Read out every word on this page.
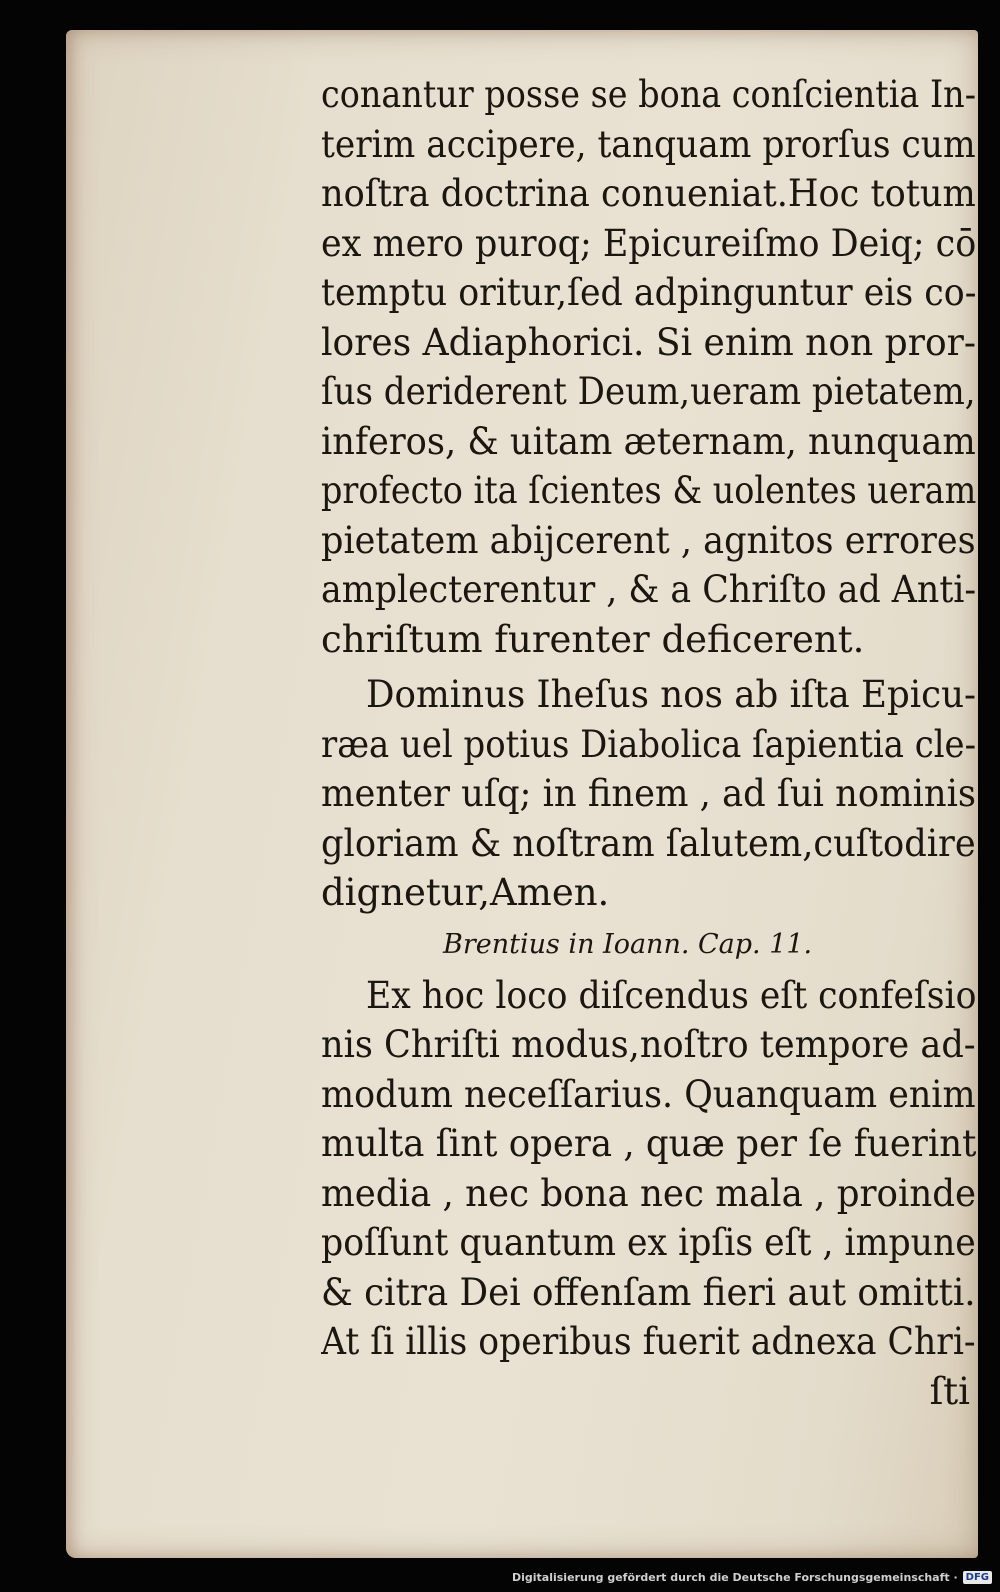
conantur posse se bona conſcientia In-
terim accipere, tanquam prorſus cum
noſtra doctrina conueniat.Hoc totum
ex mero puroq; Epicureiſmo Deiq; cō
temptu oritur,ſed adpinguntur eis co-
lores Adiaphorici. Si enim non pror-
ſus deriderent Deum,ueram pietatem,
inferos, & uitam æternam, nunquam
profecto ita ſcientes & uolentes ueram
pietatem abijcerent , agnitos errores
amplecterentur , & a Chriſto ad Anti-
chriſtum furenter deficerent.
Dominus Iheſus nos ab iſta Epicu-
ræa uel potius Diabolica ſapientia cle-
menter uſq; in finem , ad ſui nominis
gloriam & noſtram ſalutem,cuſtodire
dignetur,Amen.
Brentius in Ioann. Cap. 11.
Ex hoc loco diſcendus eſt confeſsio
nis Chriſti modus,noſtro tempore ad-
modum neceſſarius. Quanquam enim
multa ſint opera , quæ per ſe fuerint
media , nec bona nec mala , proinde
poſſunt quantum ex ipſis eſt , impune
& citra Dei offenſam fieri aut omitti.
At ſi illis operibus fuerit adnexa Chri-
ſti
Digitalisierung gefördert durch die Deutsche Forschungsgemeinschaft · DFG
